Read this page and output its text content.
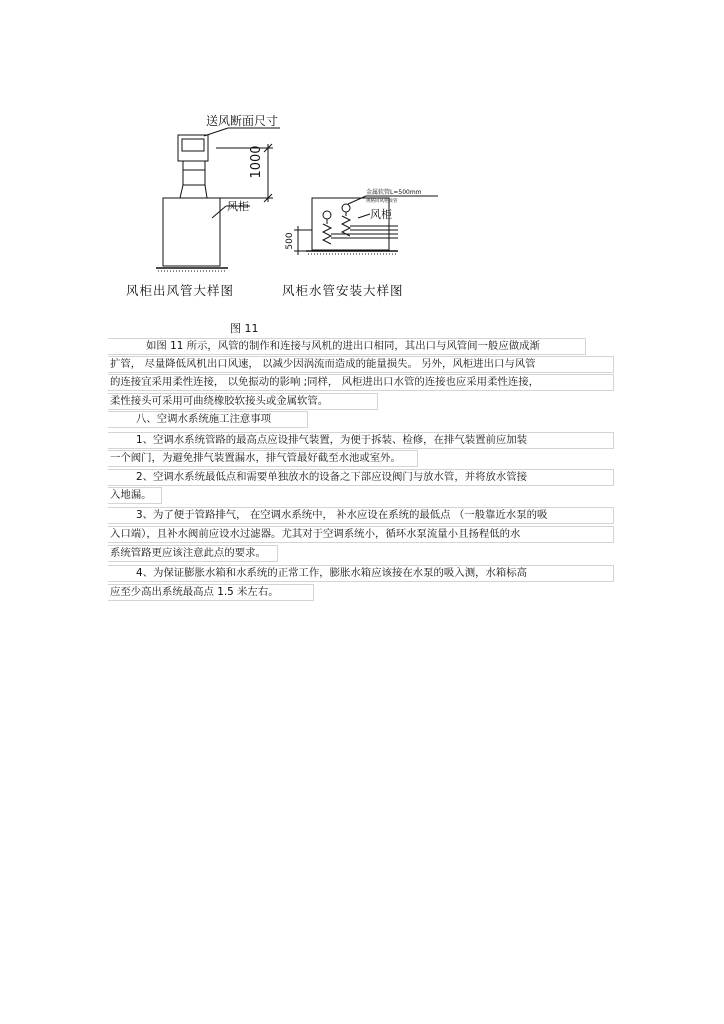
送风断面尺寸
1000
风柜
金属软管L=500mm
规格同风柜接管
风柜
500
风柜出风管大样图	风柜水管安装大样图
图 11
如图 11 所示，风管的制作和连接与风机的进出口相同，其出口与风管间一般应做成渐
扩管， 尽量降低风机出口风速， 以减少因涡流而造成的能量损失。 另外，风柜进出口与风管
的连接宜采用柔性连接， 以免振动的影响 ;同样， 风柜进出口水管的连接也应采用柔性连接，
柔性接头可采用可曲绕橡胶软接头或金属软管。
八、空调水系统施工注意事项
1、空调水系统管路的最高点应设排气装置，为便于拆装、检修，在排气装置前应加装
一个阀门，为避免排气装置漏水，排气管最好截至水池或室外。
2、空调水系统最低点和需要单独放水的设备之下部应设阀门与放水管，并将放水管接
入地漏。
3、为了便于管路排气， 在空调水系统中， 补水应设在系统的最低点 （一般靠近水泵的吸
入口端），且补水阀前应设水过滤器。尤其对于空调系统小，循环水泵流量小且扬程低的水
系统管路更应该注意此点的要求。
4、为保证膨胀水箱和水系统的正常工作，膨胀水箱应该接在水泵的吸入测，水箱标高
应至少高出系统最高点 1.5 米左右。
